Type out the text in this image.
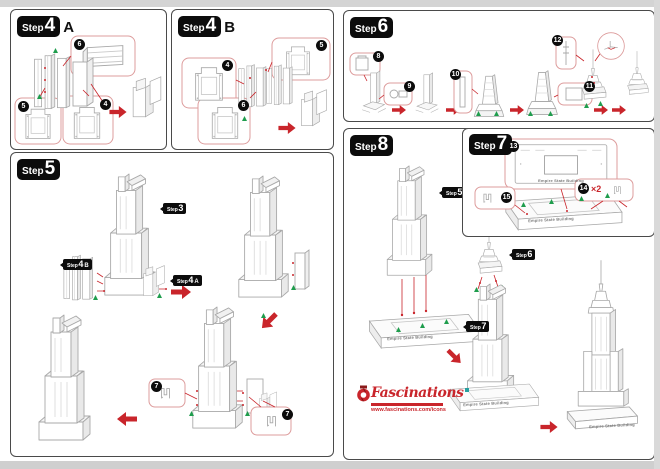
Step 4 A
6
5	4
Step 4 B
4
5
6
Step 5
Step 3
Step 4 B
Step 4 A
7
7
Step 6
8
9
10
11
12
Step 8
Step 5
Step 7
Step 6
Empire State Building
Empire State Building
Empire State Building
Fascinations
www.fascinations.com/icons
Step 7 13
15
14 ×2
Empire State Building
Empire State Building
